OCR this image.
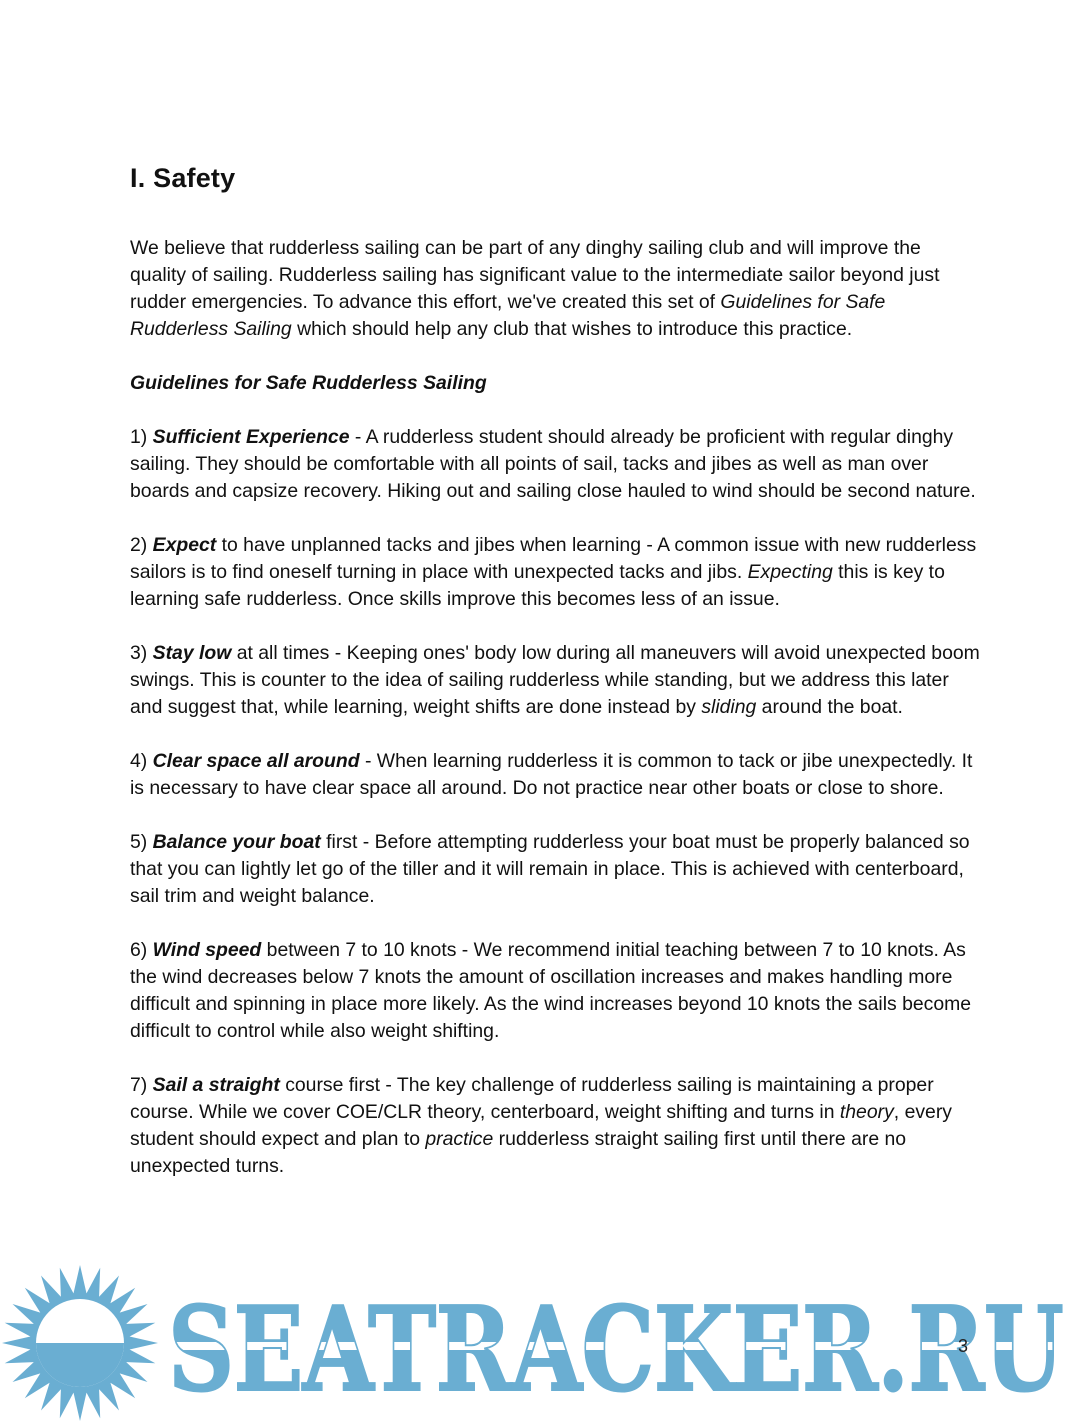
I. Safety

We believe that rudderless sailing can be part of any dinghy sailing club and will improve the quality of sailing. Rudderless sailing has significant value to the intermediate sailor beyond just rudder emergencies. To advance this effort, we've created this set of Guidelines for Safe Rudderless Sailing which should help any club that wishes to introduce this practice.

Guidelines for Safe Rudderless Sailing

1) Sufficient Experience - A rudderless student should already be proficient with regular dinghy sailing. They should be comfortable with all points of sail, tacks and jibes as well as man over boards and capsize recovery. Hiking out and sailing close hauled to wind should be second nature.

2) Expect to have unplanned tacks and jibes when learning - A common issue with new rudderless sailors is to find oneself turning in place with unexpected tacks and jibs. Expecting this is key to learning safe rudderless. Once skills improve this becomes less of an issue.

3) Stay low at all times - Keeping ones' body low during all maneuvers will avoid unexpected boom swings. This is counter to the idea of sailing rudderless while standing, but we address this later and suggest that, while learning, weight shifts are done instead by sliding around the boat.

4) Clear space all around - When learning rudderless it is common to tack or jibe unexpectedly. It is necessary to have clear space all around. Do not practice near other boats or close to shore.

5) Balance your boat first - Before attempting rudderless your boat must be properly balanced so that you can lightly let go of the tiller and it will remain in place. This is achieved with centerboard, sail trim and weight balance.

6) Wind speed between 7 to 10 knots - We recommend initial teaching between 7 to 10 knots. As the wind decreases below 7 knots the amount of oscillation increases and makes handling more difficult and spinning in place more likely. As the wind increases beyond 10 knots the sails become difficult to control while also weight shifting.

7) Sail a straight course first - The key challenge of rudderless sailing is maintaining a proper course. While we cover COE/CLR theory, centerboard, weight shifting and turns in theory, every student should expect and plan to practice rudderless straight sailing first until there are no unexpected turns.

SEATRACKER.RU
3
